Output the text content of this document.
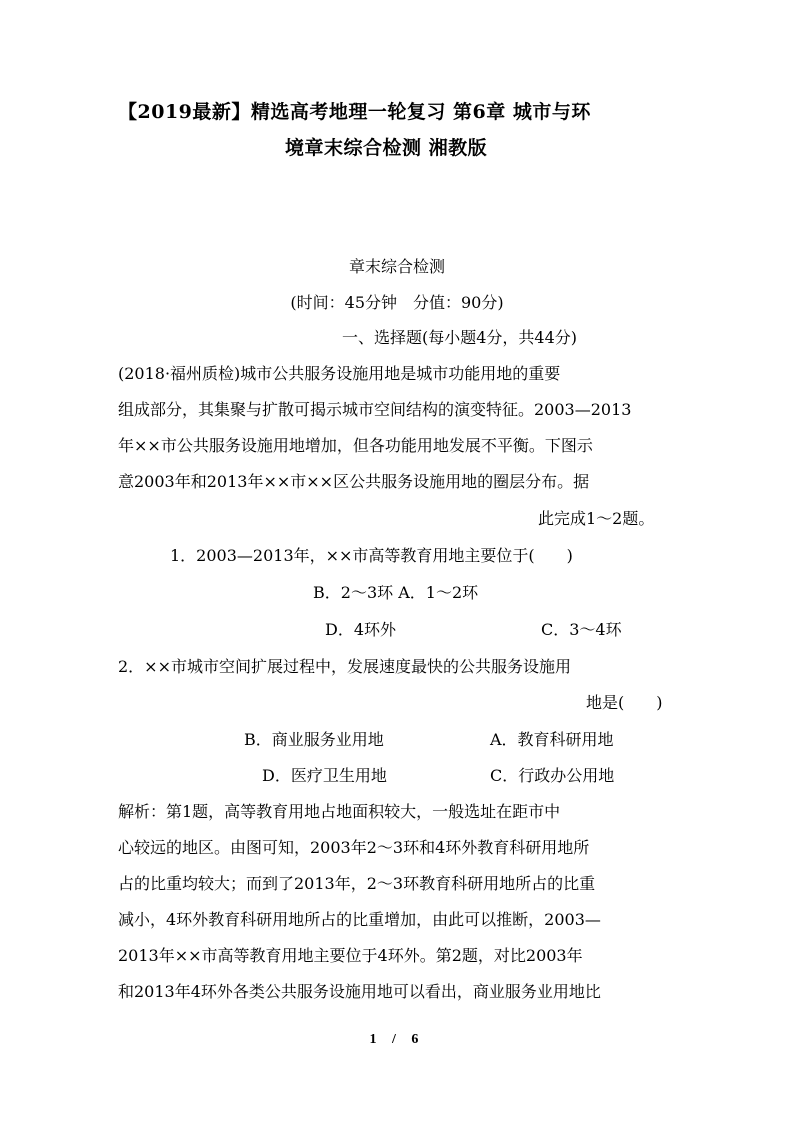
【2019最新】精选高考地理一轮复习 第6章 城市与环
境章末综合检测 湘教版
章末综合检测
(时间：45分钟　分值：90分)
一、选择题(每小题4分，共44分)
(2018·福州质检)城市公共服务设施用地是城市功能用地的重要
组成部分，其集聚与扩散可揭示城市空间结构的演变特征。2003—2013
年××市公共服务设施用地增加，但各功能用地发展不平衡。下图示
意2003年和2013年××市××区公共服务设施用地的圈层分布。据
此完成1～2题。
1．2003—2013年，××市高等教育用地主要位于(　　)
B．2～3环 A．1～2环
D．4环外	C．3～4环
2．××市城市空间扩展过程中，发展速度最快的公共服务设施用
地是(　　)
B．商业服务业用地	A．教育科研用地
D．医疗卫生用地	C．行政办公用地
解析：第1题，高等教育用地占地面积较大，一般选址在距市中
心较远的地区。由图可知，2003年2～3环和4环外教育科研用地所
占的比重均较大；而到了2013年，2～3环教育科研用地所占的比重
减小，4环外教育科研用地所占的比重增加，由此可以推断，2003—
2013年××市高等教育用地主要位于4环外。第2题，对比2003年
和2013年4环外各类公共服务设施用地可以看出，商业服务业用地比
1 / 6
